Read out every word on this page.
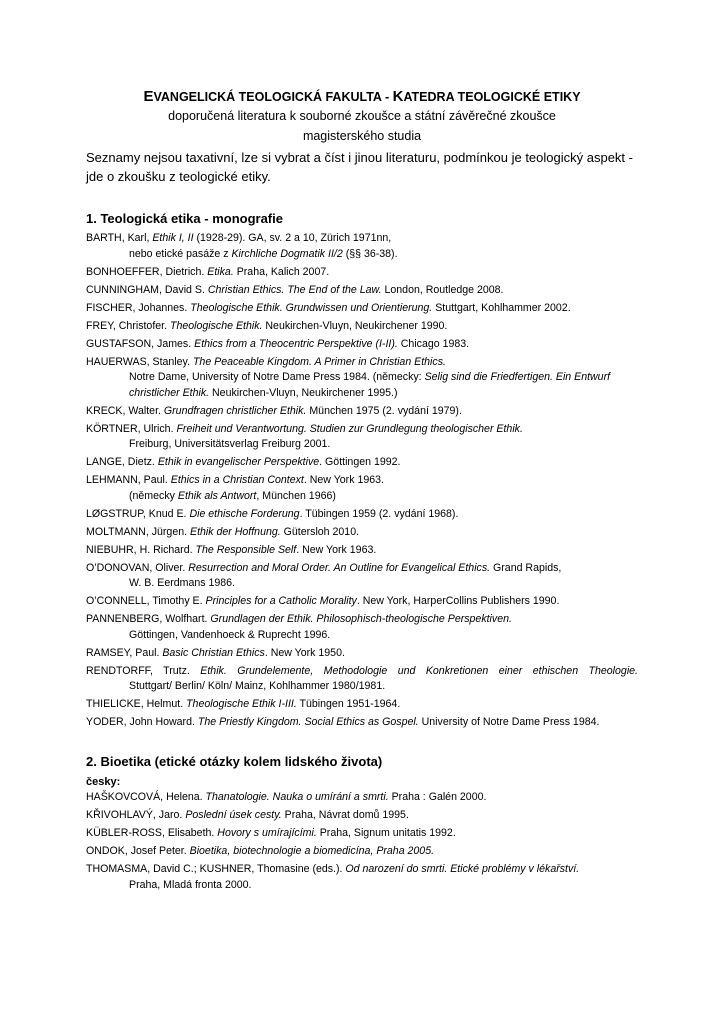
EVANGELICKÁ TEOLOGICKÁ FAKULTA - KATEDRA TEOLOGICKÉ ETIKY
doporučená literatura k souborné zkoušce a státní závěrečné zkoušce
magisterského studia
Seznamy nejsou taxativní, lze si vybrat a číst i jinou literaturu, podmínkou je teologický aspekt - jde o zkoušku z teologické etiky.
1. Teologická etika - monografie
BARTH, Karl, Ethik I, II (1928-29). GA, sv. 2 a 10, Zürich 1971nn,
nebo etické pasáže z Kirchliche Dogmatik II/2 (§§ 36-38).
BONHOEFFER, Dietrich. Etika. Praha, Kalich 2007.
CUNNINGHAM, David S. Christian Ethics. The End of the Law. London, Routledge 2008.
FISCHER, Johannes. Theologische Ethik. Grundwissen und Orientierung. Stuttgart, Kohlhammer 2002.
FREY, Christofer. Theologische Ethik. Neukirchen-Vluyn, Neukirchener 1990.
GUSTAFSON, James. Ethics from a Theocentric Perspektive (I-II). Chicago 1983.
HAUERWAS, Stanley. The Peaceable Kingdom. A Primer in Christian Ethics.
Notre Dame, University of Notre Dame Press 1984. (německy: Selig sind die Friedfertigen. Ein Entwurf christlicher Ethik. Neukirchen-Vluyn, Neukirchener 1995.)
KRECK, Walter. Grundfragen christlicher Ethik. München 1975 (2. vydání 1979).
KÖRTNER, Ulrich. Freiheit und Verantwortung. Studien zur Grundlegung theologischer Ethik.
Freiburg, Universitätsverlag Freiburg 2001.
LANGE, Dietz. Ethik in evangelischer Perspektive. Göttingen 1992.
LEHMANN, Paul. Ethics in a Christian Context. New York 1963.
(německy Ethik als Antwort, München 1966)
LØGSTRUP, Knud E. Die ethische Forderung. Tübingen 1959 (2. vydání 1968).
MOLTMANN, Jürgen. Ethik der Hoffnung. Gütersloh 2010.
NIEBUHR, H. Richard. The Responsible Self. New York 1963.
O’DONOVAN, Oliver. Resurrection and Moral Order. An Outline for Evangelical Ethics. Grand Rapids,
W. B. Eerdmans 1986.
O’CONNELL, Timothy E. Principles for a Catholic Morality. New York, HarperCollins Publishers 1990.
PANNENBERG, Wolfhart. Grundlagen der Ethik. Philosophisch-theologische Perspektiven.
Göttingen, Vandenhoeck & Ruprecht 1996.
RAMSEY, Paul. Basic Christian Ethics. New York 1950.
RENDTORFF, Trutz. Ethik. Grundelemente, Methodologie und Konkretionen einer ethischen Theologie.
Stuttgart/ Berlin/ Köln/ Mainz, Kohlhammer 1980/1981.
THIELICKE, Helmut. Theologische Ethik I-III. Tübingen 1951-1964.
YODER, John Howard. The Priestly Kingdom. Social Ethics as Gospel. University of Notre Dame Press 1984.
2. Bioetika (etické otázky kolem lidského života)
česky:
HAŠKOVCOVÁ, Helena. Thanatologie. Nauka o umírání a smrti. Praha : Galén 2000.
KŘIVOHLAVÝ, Jaro. Poslední úsek cesty. Praha, Návrat domů 1995.
KÜBLER-ROSS, Elisabeth. Hovory s umírajícími. Praha, Signum unitatis 1992.
ONDOK, Josef Peter. Bioetika, biotechnologie a biomedicína, Praha 2005.
THOMASMA, David C.; KUSHNER, Thomasine (eds.). Od narození do smrti. Etické problémy v lékařství.
Praha, Mladá fronta 2000.
